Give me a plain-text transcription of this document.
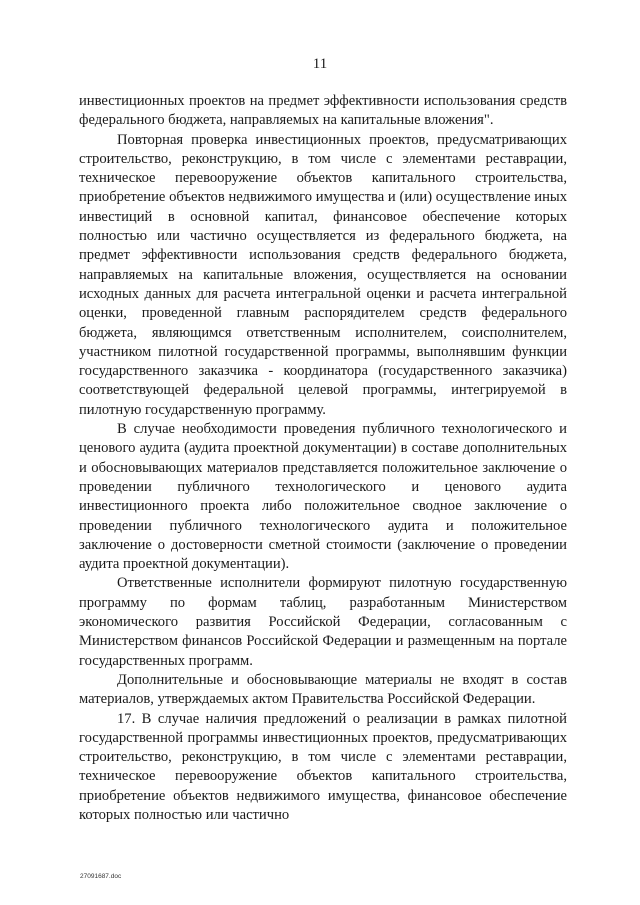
11

инвестиционных проектов на предмет эффективности использования средств федерального бюджета, направляемых на капитальные вложения".

Повторная проверка инвестиционных проектов, предусматривающих строительство, реконструкцию, в том числе с элементами реставрации, техническое перевооружение объектов капитального строительства, приобретение объектов недвижимого имущества и (или) осуществление иных инвестиций в основной капитал, финансовое обеспечение которых полностью или частично осуществляется из федерального бюджета, на предмет эффективности использования средств федерального бюджета, направляемых на капитальные вложения, осуществляется на основании исходных данных для расчета интегральной оценки и расчета интегральной оценки, проведенной главным распорядителем средств федерального бюджета, являющимся ответственным исполнителем, соисполнителем, участником пилотной государственной программы, выполнявшим функции государственного заказчика - координатора (государственного заказчика) соответствующей федеральной целевой программы, интегрируемой в пилотную государственную программу.

В случае необходимости проведения публичного технологического и ценового аудита (аудита проектной документации) в составе дополнительных и обосновывающих материалов представляется положительное заключение о проведении публичного технологического и ценового аудита инвестиционного проекта либо положительное сводное заключение о проведении публичного технологического аудита и положительное заключение о достоверности сметной стоимости (заключение о проведении аудита проектной документации).

Ответственные исполнители формируют пилотную государственную программу по формам таблиц, разработанным Министерством экономического развития Российской Федерации, согласованным с Министерством финансов Российской Федерации и размещенным на портале государственных программ.

Дополнительные и обосновывающие материалы не входят в состав материалов, утверждаемых актом Правительства Российской Федерации.

17. В случае наличия предложений о реализации в рамках пилотной государственной программы инвестиционных проектов, предусматривающих строительство, реконструкцию, в том числе с элементами реставрации, техническое перевооружение объектов капитального строительства, приобретение объектов недвижимого имущества, финансовое обеспечение которых полностью или частично

27091687.doc
